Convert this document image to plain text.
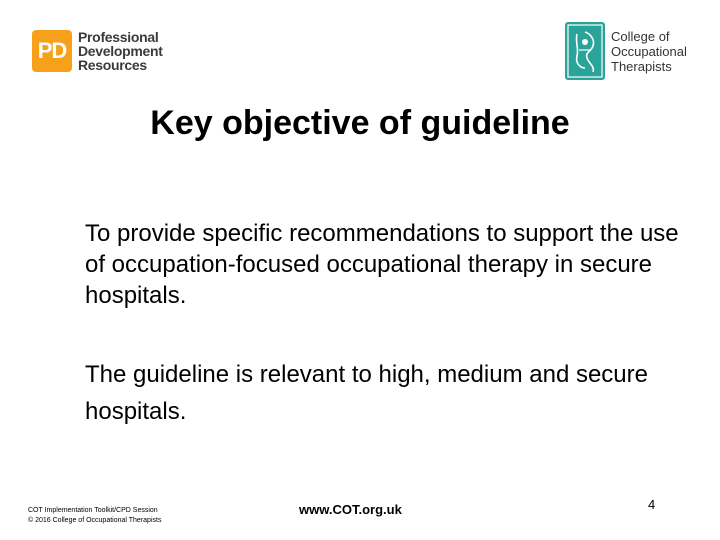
PD
Professional
Development
Resources
College of
Occupational
Therapists
Key objective of guideline
To provide specific recommendations to support the use of occupation-focused occupational therapy in secure hospitals.
The guideline is relevant to high, medium and secure hospitals.
COT Implementation Toolkit/CPD Session
© 2016 College of Occupational Therapists
www.COT.org.uk	4
